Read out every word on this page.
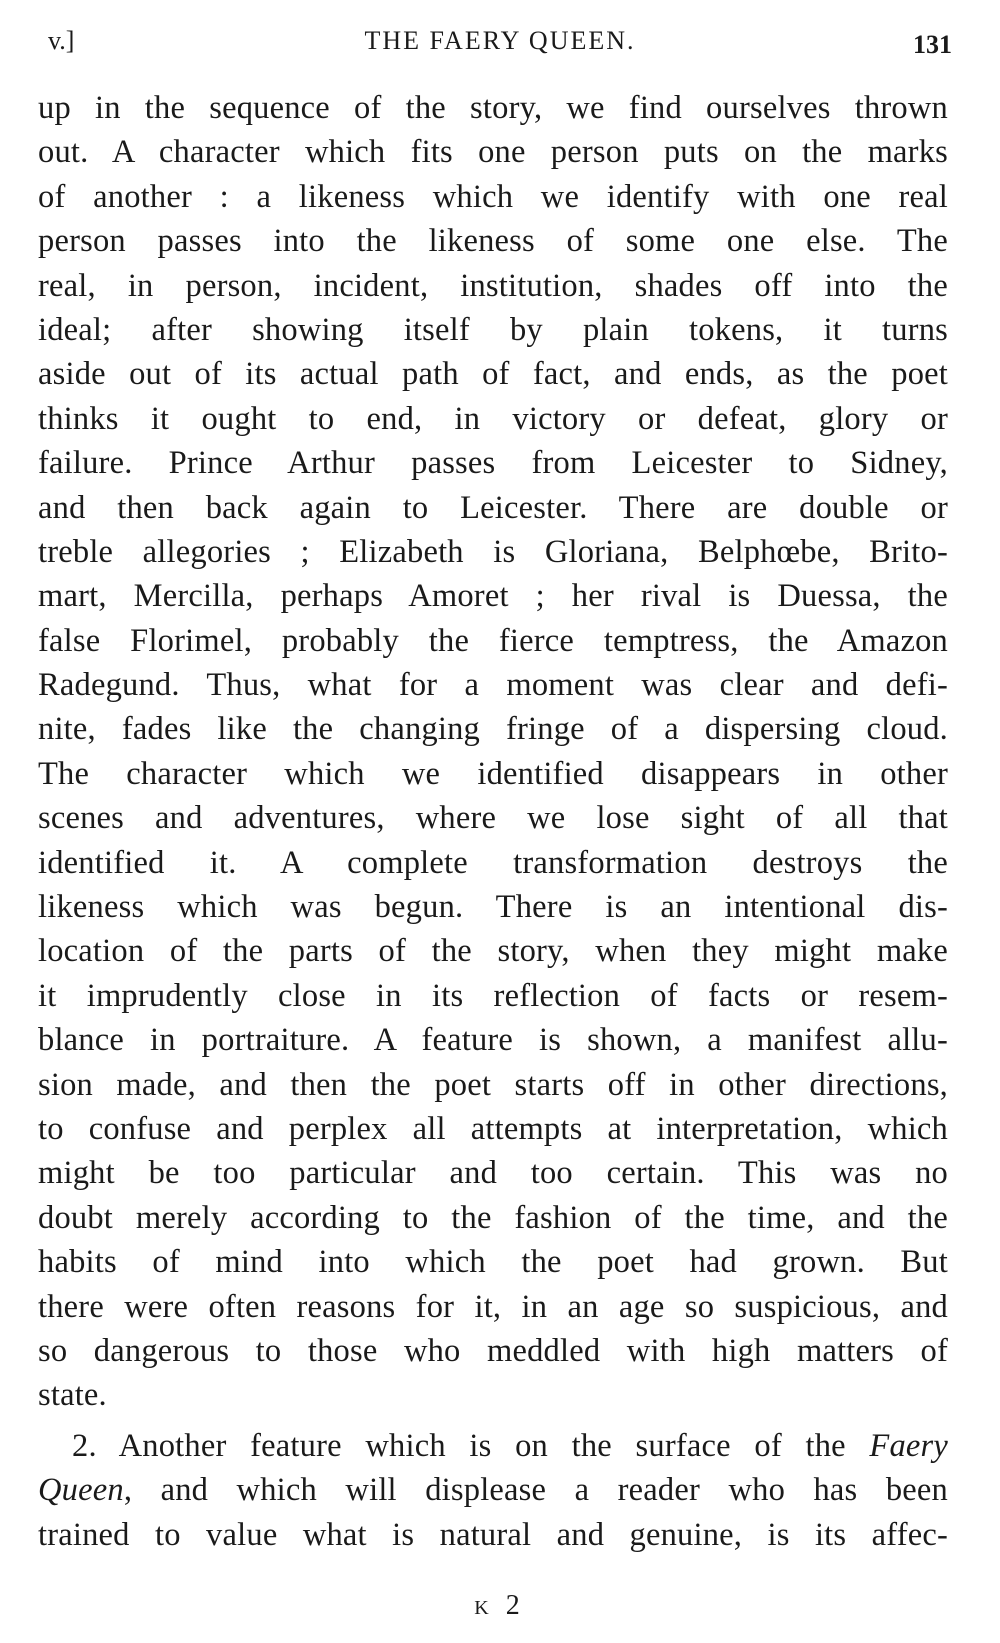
v.]	THE FAERY QUEEN.	131
up in the sequence of the story, we find ourselves thrown
out. A character which fits one person puts on the marks
of another : a likeness which we identify with one real
person passes into the likeness of some one else. The
real, in person, incident, institution, shades off into the
ideal; after showing itself by plain tokens, it turns
aside out of its actual path of fact, and ends, as the poet
thinks it ought to end, in victory or defeat, glory or
failure. Prince Arthur passes from Leicester to Sidney,
and then back again to Leicester. There are double or
treble allegories ; Elizabeth is Gloriana, Belphœbe, Brito-
mart, Mercilla, perhaps Amoret ; her rival is Duessa, the
false Florimel, probably the fierce temptress, the Amazon
Radegund. Thus, what for a moment was clear and defi-
nite, fades like the changing fringe of a dispersing cloud.
The character which we identified disappears in other
scenes and adventures, where we lose sight of all that
identified it. A complete transformation destroys the
likeness which was begun. There is an intentional dis-
location of the parts of the story, when they might make
it imprudently close in its reflection of facts or resem-
blance in portraiture. A feature is shown, a manifest allu-
sion made, and then the poet starts off in other directions,
to confuse and perplex all attempts at interpretation, which
might be too particular and too certain. This was no
doubt merely according to the fashion of the time, and the
habits of mind into which the poet had grown. But
there were often reasons for it, in an age so suspicious, and
so dangerous to those who meddled with high matters of
state.
2. Another feature which is on the surface of the Faery
Queen, and which will displease a reader who has been
trained to value what is natural and genuine, is its affec-
K 2
